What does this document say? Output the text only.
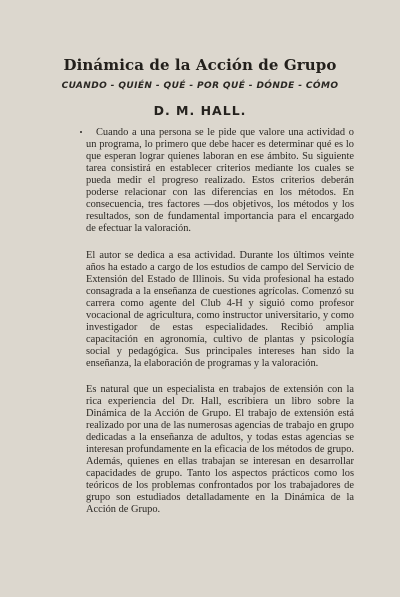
Dinámica de la Acción de Grupo
CUANDO - QUIÉN - QUÉ - POR QUÉ - DÓNDE - CÓMO
D. M. HALL.
Cuando a una persona se le pide que valore una actividad o un programa, lo primero que debe hacer es determinar qué es lo que esperan lograr quienes laboran en ese ámbito. Su siguiente tarea consistirá en establecer criterios mediante los cuales se pueda medir el progreso realizado. Estos criterios deberán poderse relacionar con las diferencias en los métodos. En consecuencia, tres factores —dos objetivos, los métodos y los resultados, son de fundamental importancia para el encargado de efectuar la valoración.
El autor se dedica a esa actividad. Durante los últimos veinte años ha estado a cargo de los estudios de campo del Servicio de Extensión del Estado de Illinois. Su vida profesional ha estado consagrada a la enseñanza de cuestiones agrícolas. Comenzó su carrera como agente del Club 4-H y siguió como profesor vocacional de agricultura, como instructor universitario, y como investigador de estas especialidades. Recibió amplia capacitación en agronomía, cultivo de plantas y psicología social y pedagógica. Sus principales intereses han sido la enseñanza, la elaboración de programas y la valoración.
Es natural que un especialista en trabajos de extensión con la rica experiencia del Dr. Hall, escribiera un libro sobre la Dinámica de la Acción de Grupo. El trabajo de extensión está realizado por una de las numerosas agencias de trabajo en grupo dedicadas a la enseñanza de adultos, y todas estas agencias se interesan profundamente en la eficacia de los métodos de grupo. Además, quienes en ellas trabajan se interesan en desarrollar capacidades de grupo. Tanto los aspectos prácticos como los teóricos de los problemas confrontados por los trabajadores de grupo son estudiados detalladamente en la Dinámica de la Acción de Grupo.
